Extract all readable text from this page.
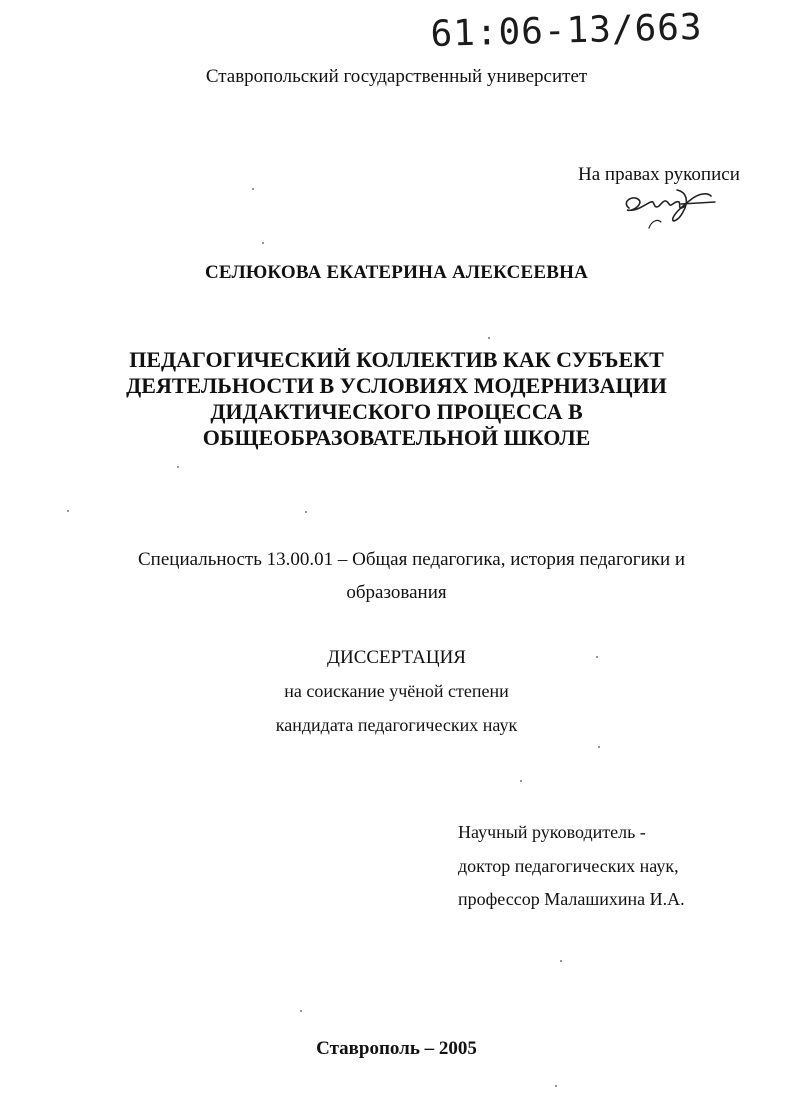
61:06-13/663
Ставропольский государственный университет
На правах рукописи
СЕЛЮКОВА ЕКАТЕРИНА АЛЕКСЕЕВНА
ПЕДАГОГИЧЕСКИЙ КОЛЛЕКТИВ КАК СУБЪЕКТ
ДЕЯТЕЛЬНОСТИ В УСЛОВИЯХ МОДЕРНИЗАЦИИ
ДИДАКТИЧЕСКОГО ПРОЦЕССА В
ОБЩЕОБРАЗОВАТЕЛЬНОЙ ШКОЛЕ
Специальность 13.00.01 – Общая педагогика, история педагогики и
образования
ДИССЕРТАЦИЯ
на соискание учёной степени
кандидата педагогических наук
Научный руководитель -
доктор педагогических наук,
профессор Малашихина И.А.
Ставрополь – 2005
